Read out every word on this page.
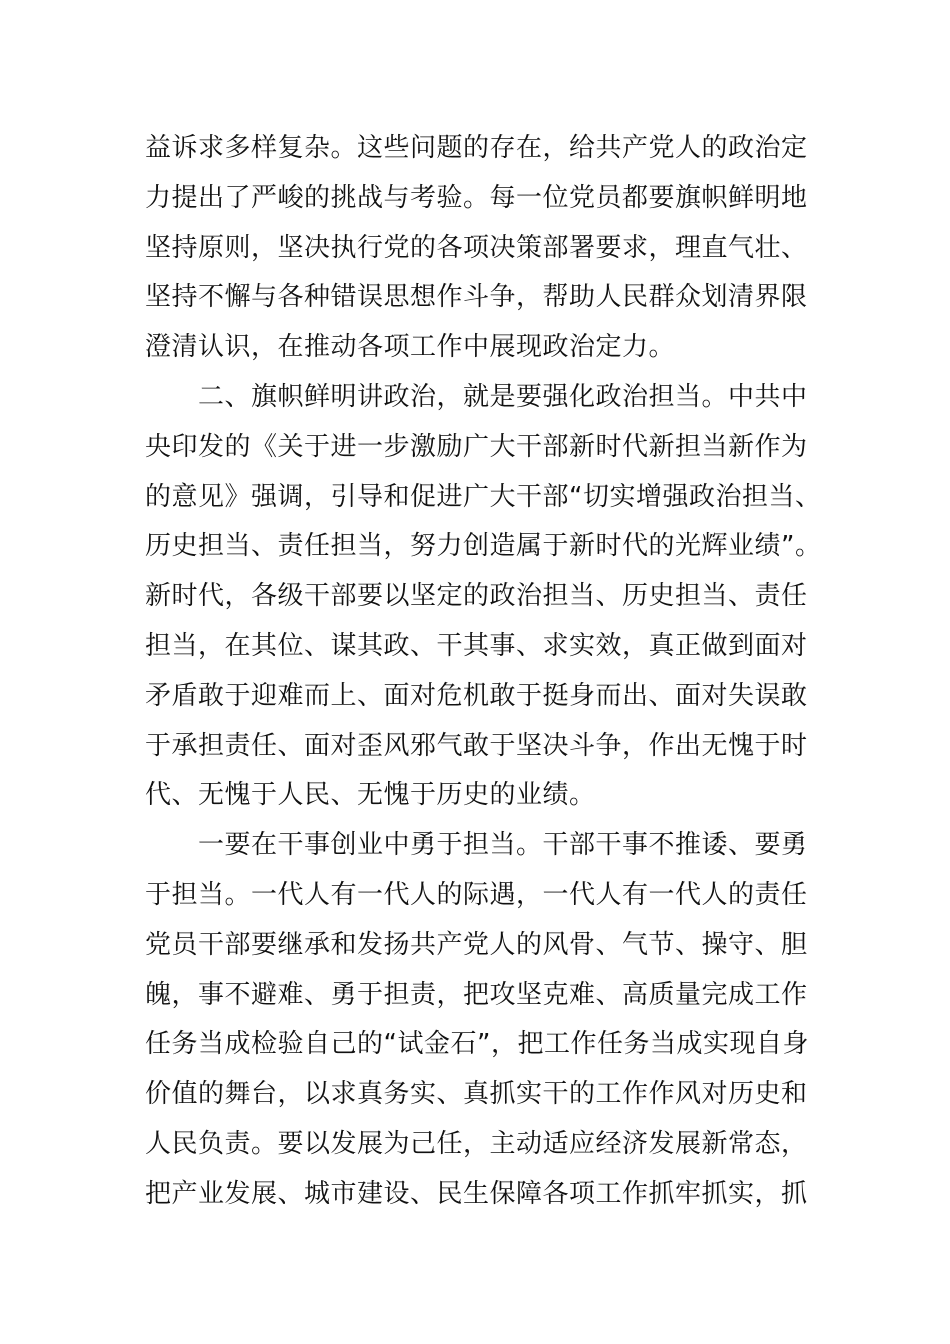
益诉求多样复杂。这些问题的存在，给共产党人的政治定
力提出了严峻的挑战与考验。每一位党员都要旗帜鲜明地
坚持原则，坚决执行党的各项决策部署要求，理直气壮、
坚持不懈与各种错误思想作斗争，帮助人民群众划清界限
澄清认识，在推动各项工作中展现政治定力。
二、旗帜鲜明讲政治，就是要强化政治担当。中共中
央印发的《关于进一步激励广大干部新时代新担当新作为
的意见》强调，引导和促进广大干部“切实增强政治担当、
历史担当、责任担当，努力创造属于新时代的光辉业绩”。
新时代，各级干部要以坚定的政治担当、历史担当、责任
担当，在其位、谋其政、干其事、求实效，真正做到面对
矛盾敢于迎难而上、面对危机敢于挺身而出、面对失误敢
于承担责任、面对歪风邪气敢于坚决斗争，作出无愧于时
代、无愧于人民、无愧于历史的业绩。
一要在干事创业中勇于担当。干部干事不推诿、要勇
于担当。一代人有一代人的际遇，一代人有一代人的责任
党员干部要继承和发扬共产党人的风骨、气节、操守、胆
魄，事不避难、勇于担责，把攻坚克难、高质量完成工作
任务当成检验自己的“试金石”，把工作任务当成实现自身
价值的舞台，以求真务实、真抓实干的工作作风对历史和
人民负责。要以发展为己任，主动适应经济发展新常态，
把产业发展、城市建设、民生保障各项工作抓牢抓实，抓
